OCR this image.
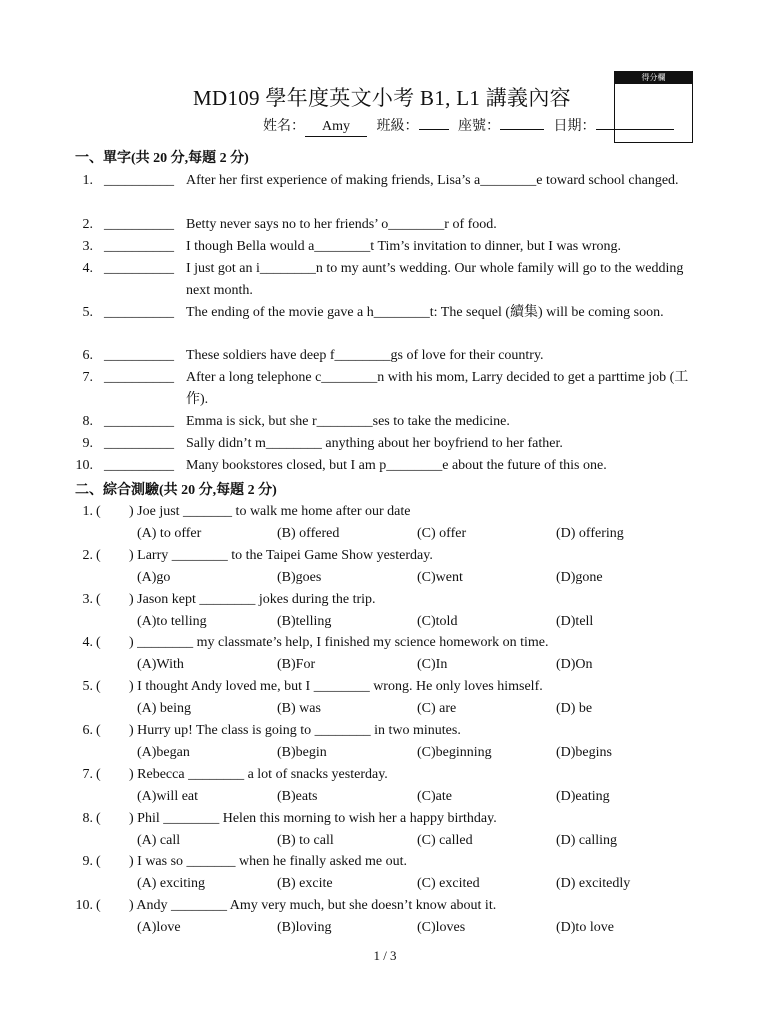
得分欄
MD109 學年度英文小考 B1, L1 講義內容
姓名： Amy 班級：	座號：	日期：
一、單字(共 20 分,每題 2 分)
1. __________ After her first experience of making friends, Lisa’s a________e toward school changed.
2. __________ Betty never says no to her friends’ o________r of food.
3. __________ I though Bella would a________t Tim’s invitation to dinner, but I was wrong.
4. __________ I just got an i________n to my aunt’s wedding. Our whole family will go to the wedding next month.
5. __________ The ending of the movie gave a h________t: The sequel (續集) will be coming soon.
6. __________ These soldiers have deep f________gs of love for their country.
7. __________ After a long telephone c________n with his mom, Larry decided to get a parttime job (工作).
8. __________ Emma is sick, but she r________ses to take the medicine.
9. __________ Sally didn’t m________ anything about her boyfriend to her father.
10. __________ Many bookstores closed, but I am p________e about the future of this one.
二、綜合測驗(共 20 分,每題 2 分)
1. ( ) Joe just _______ to walk me home after our date
(A) to offer	(B) offered	(C) offer	(D) offering
2. ( ) Larry ________ to the Taipei Game Show yesterday.
(A)go	(B)goes	(C)went	(D)gone
3. ( ) Jason kept ________ jokes during the trip.
(A)to telling	(B)telling	(C)told	(D)tell
4. ( ) ________ my classmate’s help, I finished my science homework on time.
(A)With	(B)For	(C)In	(D)On
5. ( ) I thought Andy loved me, but I ________ wrong. He only loves himself.
(A) being	(B) was	(C) are	(D) be
6. ( ) Hurry up! The class is going to ________ in two minutes.
(A)began	(B)begin	(C)beginning	(D)begins
7. ( ) Rebecca ________ a lot of snacks yesterday.
(A)will eat	(B)eats	(C)ate	(D)eating
8. ( ) Phil ________ Helen this morning to wish her a happy birthday.
(A) call	(B) to call	(C) called	(D) calling
9. ( ) I was so _______ when he finally asked me out.
(A) exciting	(B) excite	(C) excited	(D) excitedly
10. ( ) Andy ________ Amy very much, but she doesn’t know about it.
(A)love	(B)loving	(C)loves	(D)to love
1 / 3
